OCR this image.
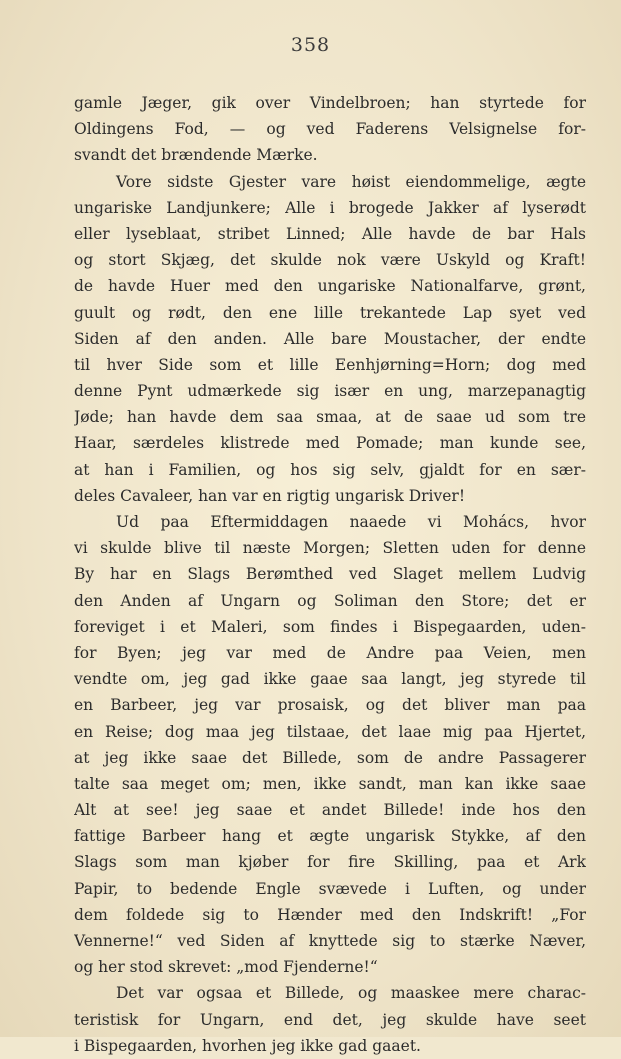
358
gamle Jæger, gik over Vindelbroen; han styrtede for
Oldingens Fod, — og ved Faderens Velsignelse for-
svandt det brændende Mærke.
Vore sidste Gjester vare høist eiendommelige, ægte
ungariske Landjunkere; Alle i brogede Jakker af lyserødt
eller lyseblaat, stribet Linned; Alle havde de bar Hals
og stort Skjæg, det skulde nok være Uskyld og Kraft!
de havde Huer med den ungariske Nationalfarve, grønt,
guult og rødt, den ene lille trekantede Lap syet ved
Siden af den anden. Alle bare Moustacher, der endte
til hver Side som et lille Eenhjørning=Horn; dog med
denne Pynt udmærkede sig især en ung, marzepanagtig
Jøde; han havde dem saa smaa, at de saae ud som tre
Haar, særdeles klistrede med Pomade; man kunde see,
at han i Familien, og hos sig selv, gjaldt for en sær-
deles Cavaleer, han var en rigtig ungarisk Driver!
Ud paa Eftermiddagen naaede vi Mohács, hvor
vi skulde blive til næste Morgen; Sletten uden for denne
By har en Slags Berømthed ved Slaget mellem Ludvig
den Anden af Ungarn og Soliman den Store; det er
foreviget i et Maleri, som findes i Bispegaarden, uden-
for Byen; jeg var med de Andre paa Veien, men
vendte om, jeg gad ikke gaae saa langt, jeg styrede til
en Barbeer, jeg var prosaisk, og det bliver man paa
en Reise; dog maa jeg tilstaae, det laae mig paa Hjertet,
at jeg ikke saae det Billede, som de andre Passagerer
talte saa meget om; men, ikke sandt, man kan ikke saae
Alt at see! jeg saae et andet Billede! inde hos den
fattige Barbeer hang et ægte ungarisk Stykke, af den
Slags som man kjøber for fire Skilling, paa et Ark
Papir, to bedende Engle svævede i Luften, og under
dem foldede sig to Hænder med den Indskrift! „For
Vennerne!“ ved Siden af knyttede sig to stærke Næver,
og her stod skrevet: „mod Fjenderne!“
Det var ogsaa et Billede, og maaskee mere charac-
teristisk for Ungarn, end det, jeg skulde have seet
i Bispegaarden, hvorhen jeg ikke gad gaaet.
